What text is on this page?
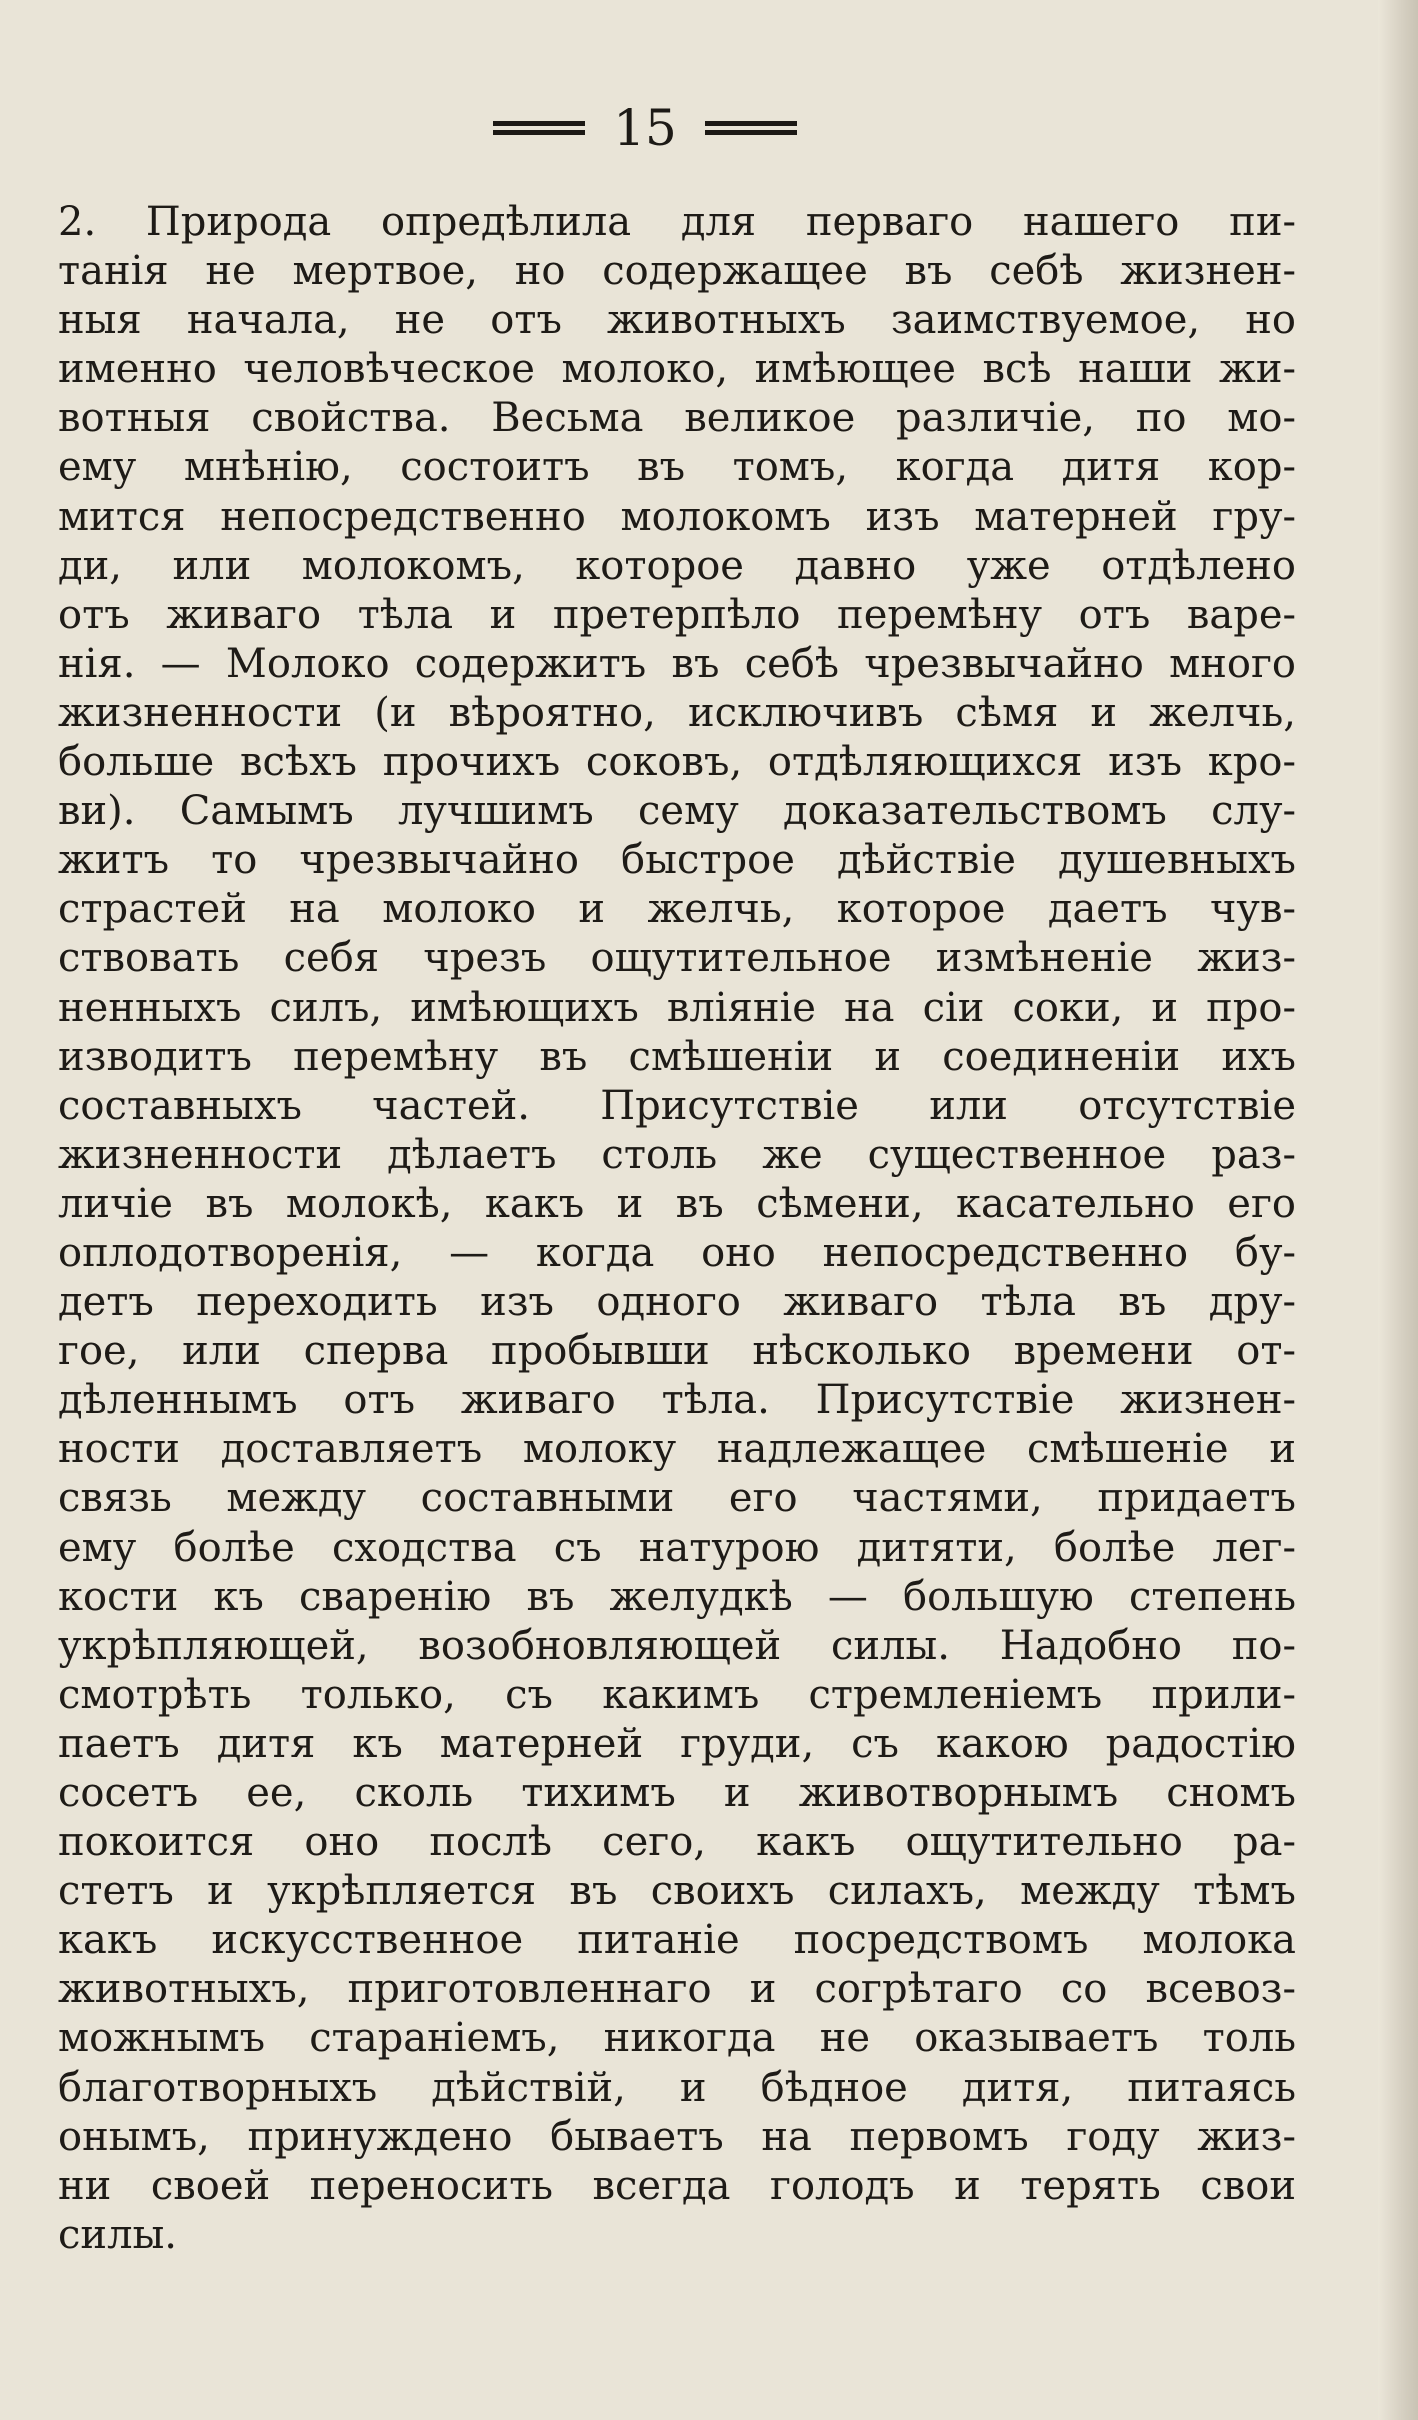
15
2. Природа опредѣлила для перваго нашего пи-
танія не мертвое, но содержащее въ себѣ жизнен-
ныя начала, не отъ животныхъ заимствуемое, но
именно человѣческое молоко, имѣющее всѣ наши жи-
вотныя свойства. Весьма великое различіе, по мо-
ему мнѣнію, состоитъ въ томъ, когда дитя кор-
мится непосредственно молокомъ изъ матерней гру-
ди, или молокомъ, которое давно уже отдѣлено
отъ живаго тѣла и претерпѣло перемѣну отъ варе-
нія. — Молоко содержитъ въ себѣ чрезвычайно много
жизненности (и вѣроятно, исключивъ сѣмя и желчь,
больше всѣхъ прочихъ соковъ, отдѣляющихся изъ кро-
ви). Самымъ лучшимъ сему доказательствомъ слу-
житъ то чрезвычайно быстрое дѣйствіе душевныхъ
страстей на молоко и желчь, которое даетъ чув-
ствовать себя чрезъ ощутительное измѣненіе жиз-
ненныхъ силъ, имѣющихъ вліяніе на сіи соки, и про-
изводитъ перемѣну въ смѣшеніи и соединеніи ихъ
составныхъ частей. Присутствіе или отсутствіе
жизненности дѣлаетъ столь же существенное раз-
личіе въ молокѣ, какъ и въ сѣмени, касательно его
оплодотворенія, — когда оно непосредственно бу-
детъ переходить изъ одного живаго тѣла въ дру-
гое, или сперва пробывши нѣсколько времени от-
дѣленнымъ отъ живаго тѣла. Присутствіе жизнен-
ности доставляетъ молоку надлежащее смѣшеніе и
связь между составными его частями, придаетъ
ему болѣе сходства съ натурою дитяти, болѣе лег-
кости къ сваренію въ желудкѣ — большую степень
укрѣпляющей, возобновляющей силы. Надобно по-
смотрѣть только, съ какимъ стремленіемъ прили-
паетъ дитя къ матерней груди, съ какою радостію
сосетъ ее, сколь тихимъ и животворнымъ сномъ
покоится оно послѣ сего, какъ ощутительно ра-
стетъ и укрѣпляется въ своихъ силахъ, между тѣмъ
какъ искусственное питаніе посредствомъ молока
животныхъ, приготовленнаго и согрѣтаго со всевоз-
можнымъ стараніемъ, никогда не оказываетъ толь
благотворныхъ дѣйствій, и бѣдное дитя, питаясь
онымъ, принуждено бываетъ на первомъ году жиз-
ни своей переносить всегда голодъ и терять свои
силы.
